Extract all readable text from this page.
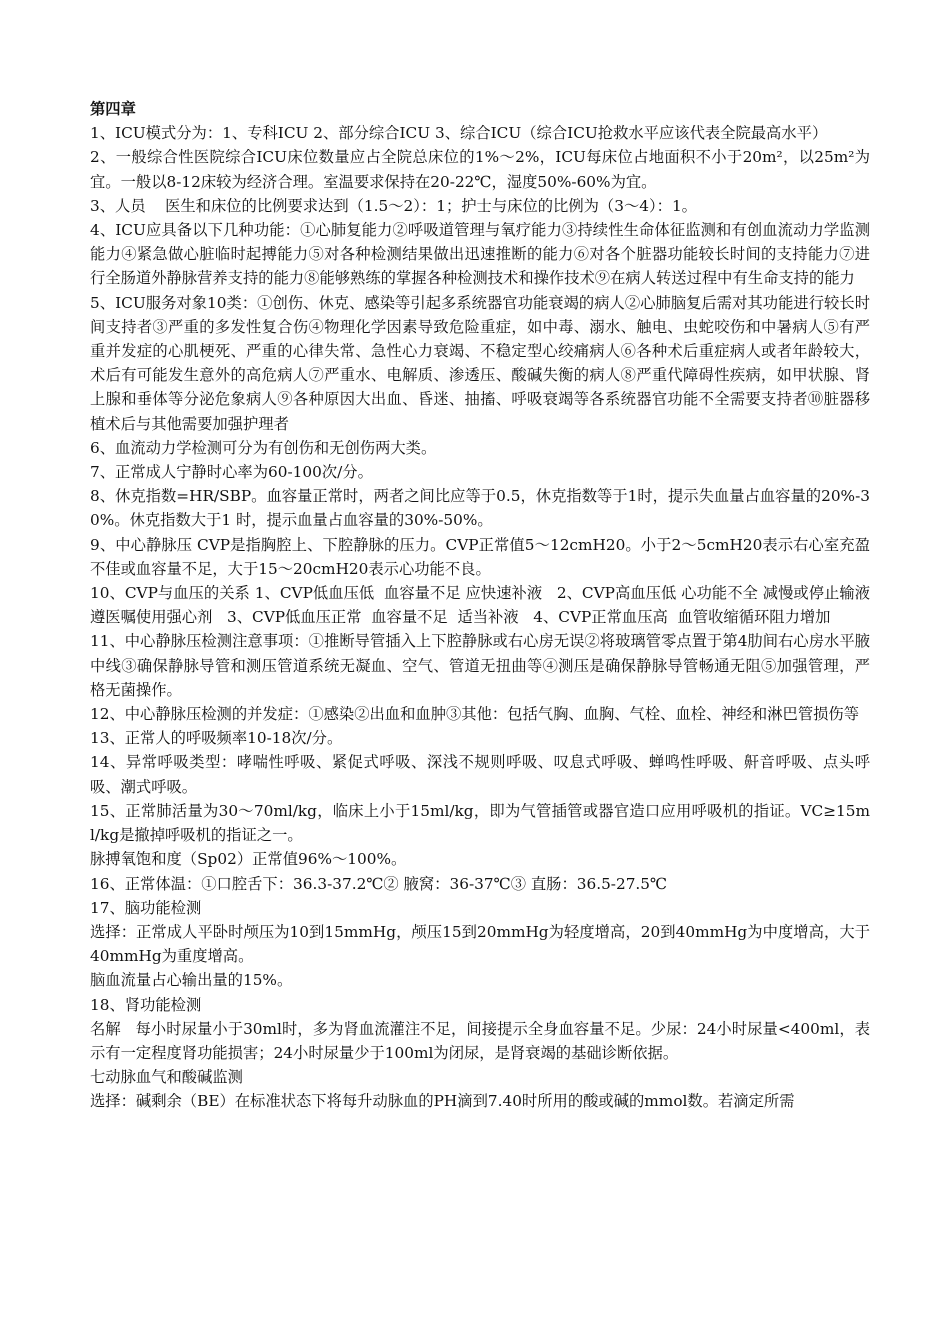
第四章

1、ICU模式分为：1、专科ICU 2、部分综合ICU 3、综合ICU（综合ICU抢救水平应该代表全院最高水平）

2、一般综合性医院综合ICU床位数量应占全院总床位的1%～2%，ICU每床位占地面积不小于20m²，以25m²为宜。一般以8-12床较为经济合理。室温要求保持在20-22℃，湿度50%-60%为宜。

3、人员    医生和床位的比例要求达到（1.5～2）：1；护士与床位的比例为（3～4）：1。

4、ICU应具备以下几种功能：①心肺复能力②呼吸道管理与氧疗能力③持续性生命体征监测和有创血流动力学监测能力④紧急做心脏临时起搏能力⑤对各种检测结果做出迅速推断的能力⑥对各个脏器功能较长时间的支持能力⑦进行全肠道外静脉营养支持的能力⑧能够熟练的掌握各种检测技术和操作技术⑨在病人转送过程中有生命支持的能力

5、ICU服务对象10类：①创伤、休克、感染等引起多系统器官功能衰竭的病人②心肺脑复后需对其功能进行较长时间支持者③严重的多发性复合伤④物理化学因素导致危险重症，如中毒、溺水、触电、虫蛇咬伤和中暑病人⑤有严重并发症的心肌梗死、严重的心律失常、急性心力衰竭、不稳定型心绞痛病人⑥各种术后重症病人或者年龄较大，术后有可能发生意外的高危病人⑦严重水、电解质、渗透压、酸碱失衡的病人⑧严重代障碍性疾病，如甲状腺、肾上腺和垂体等分泌危象病人⑨各种原因大出血、昏迷、抽搐、呼吸衰竭等各系统器官功能不全需要支持者⑩脏器移植术后与其他需要加强护理者

6、血流动力学检测可分为有创伤和无创伤两大类。

7、正常成人宁静时心率为60-100次/分。

8、休克指数=HR/SBP。血容量正常时，两者之间比应等于0.5，休克指数等于1时，提示失血量占血容量的20%-30%。休克指数大于1 时，提示血量占血容量的30%-50%。

9、中心静脉压 CVP是指胸腔上、下腔静脉的压力。CVP正常值5～12cmH20。小于2～5cmH20表示右心室充盈不佳或血容量不足，大于15～20cmH20表示心功能不良。

10、CVP与血压的关系 1、CVP低血压低  血容量不足 应快速补液   2、CVP高血压低 心功能不全 减慢或停止输液 遵医嘱使用强心剂   3、CVP低血压正常  血容量不足  适当补液   4、CVP正常血压高  血管收缩循环阻力增加

11、中心静脉压检测注意事项：①推断导管插入上下腔静脉或右心房无误②将玻璃管零点置于第4肋间右心房水平腋中线③确保静脉导管和测压管道系统无凝血、空气、管道无扭曲等④测压是确保静脉导管畅通无阻⑤加强管理，严格无菌操作。

12、中心静脉压检测的并发症：①感染②出血和血肿③其他：包括气胸、血胸、气栓、血栓、神经和淋巴管损伤等

13、正常人的呼吸频率10-18次/分。

14、异常呼吸类型：哮喘性呼吸、紧促式呼吸、深浅不规则呼吸、叹息式呼吸、蝉鸣性呼吸、鼾音呼吸、点头呼吸、潮式呼吸。

15、正常肺活量为30～70ml/kg，临床上小于15ml/kg，即为气管插管或器官造口应用呼吸机的指证。VC≥15ml/kg是撤掉呼吸机的指证之一。

脉搏氧饱和度（Sp02）正常值96%～100%。

16、正常体温：①口腔舌下：36.3-37.2℃② 腋窝：36-37℃③ 直肠：36.5-27.5℃

17、脑功能检测

选择：正常成人平卧时颅压为10到15mmHg，颅压15到20mmHg为轻度增高，20到40mmHg为中度增高，大于40mmHg为重度增高。

脑血流量占心输出量的15%。

18、肾功能检测

名解   每小时尿量小于30ml时，多为肾血流灌注不足，间接提示全身血容量不足。少尿：24小时尿量<400ml，表示有一定程度肾功能损害；24小时尿量少于100ml为闭尿，是肾衰竭的基础诊断依据。

七动脉血气和酸碱监测

选择：碱剩余（BE）在标准状态下将每升动脉血的PH滴到7.40时所用的酸或碱的mmol数。若滴定所需
